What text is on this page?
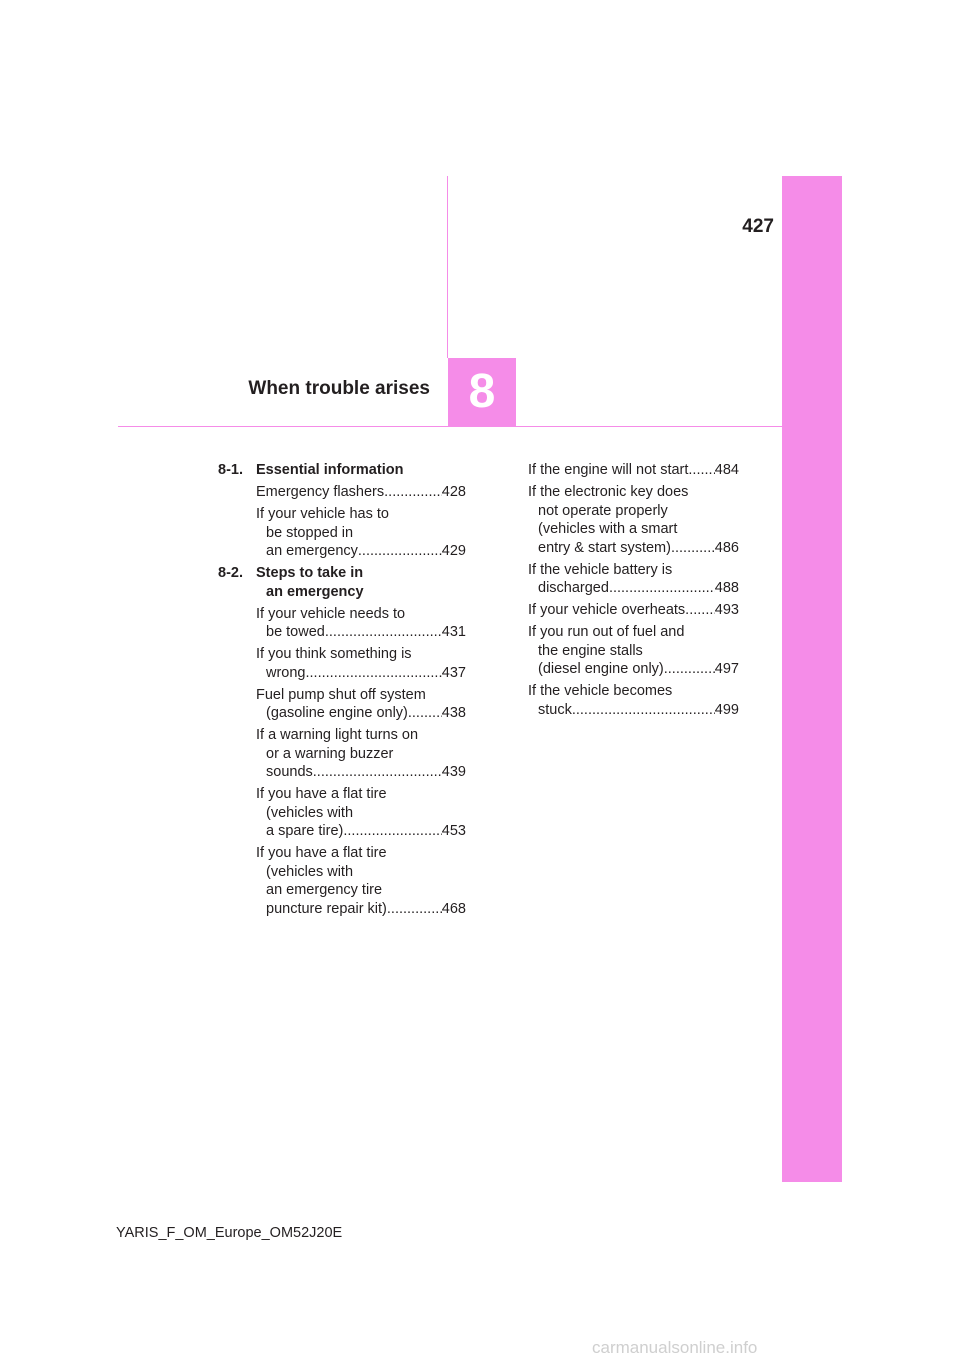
427
When trouble arises 8
8-1. Essential information
Emergency flashers .....	428
If your vehicle has to
be stopped in
an emergency .....	429
8-2. Steps to take in
an emergency
If your vehicle needs to
be towed .....	431
If you think something is
wrong .....	437
Fuel pump shut off system
(gasoline engine only) ..... 438
If a warning light turns on
or a warning buzzer
sounds .....	439
If you have a flat tire
(vehicles with
a spare tire) .....	453
If you have a flat tire
(vehicles with
an emergency tire
puncture repair kit) .....	468
If the engine will not start ..... 484
If the electronic key does
not operate properly
(vehicles with a smart
entry & start system) .....	486
If the vehicle battery is
discharged .....	488
If your vehicle overheats ..... 493
If you run out of fuel and
the engine stalls
(diesel engine only) .....	497
If the vehicle becomes
stuck .....	499
YARIS_F_OM_Europe_OM52J20E
carmanualsonline.info
